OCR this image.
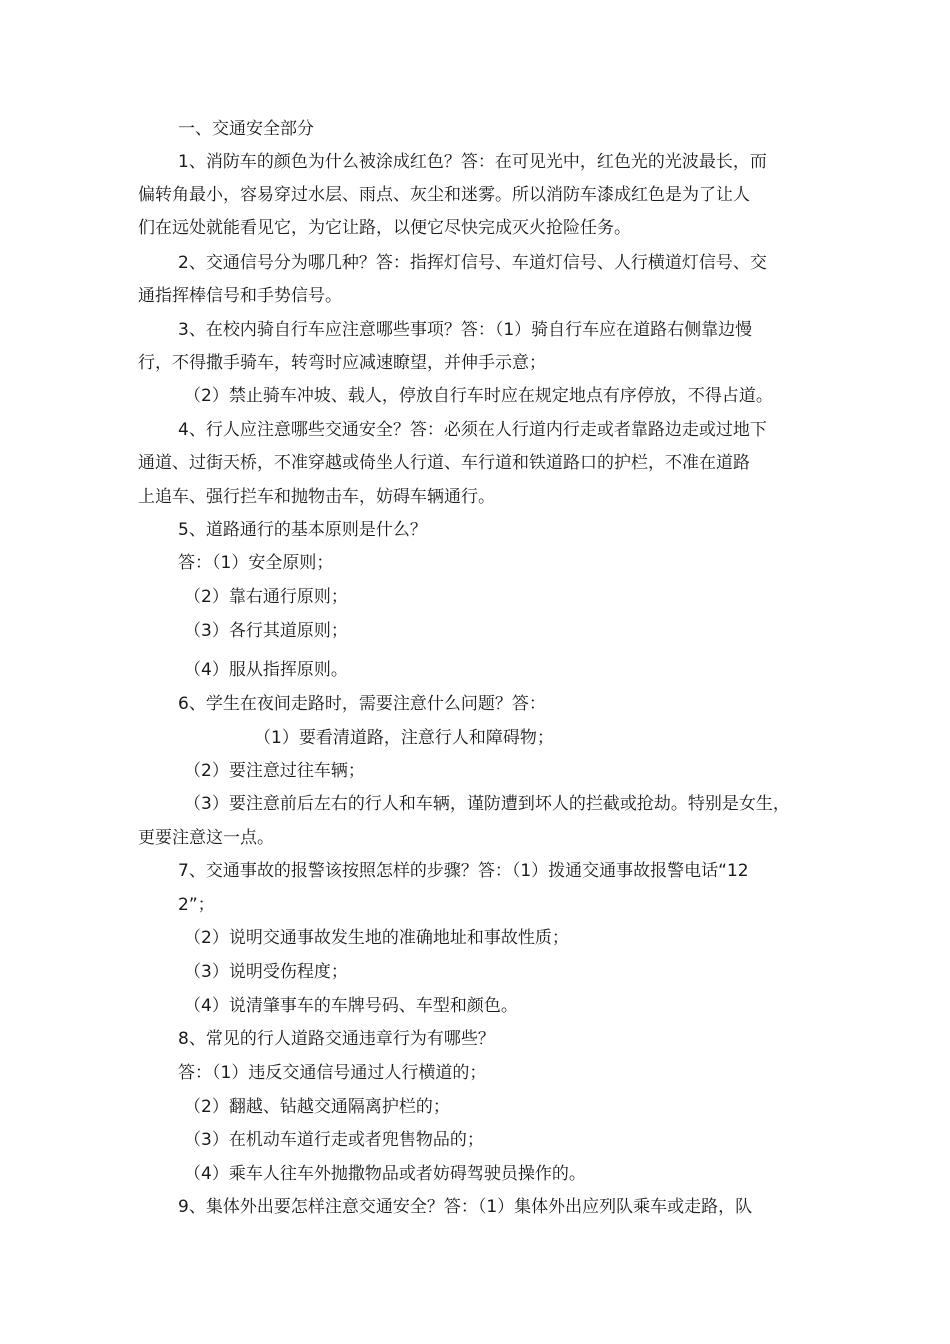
一、交通安全部分
1、消防车的颜色为什么被涂成红色？答：在可见光中，红色光的光波最长，而
偏转角最小，容易穿过水层、雨点、灰尘和迷雾。所以消防车漆成红色是为了让人
们在远处就能看见它，为它让路，以便它尽快完成灭火抢险任务。
2、交通信号分为哪几种？答：指挥灯信号、车道灯信号、人行横道灯信号、交
通指挥棒信号和手势信号。
3、在校内骑自行车应注意哪些事项？答：（1）骑自行车应在道路右侧靠边慢
行，不得撒手骑车，转弯时应减速瞭望，并伸手示意；
（2）禁止骑车冲坡、载人，停放自行车时应在规定地点有序停放，不得占道。
4、行人应注意哪些交通安全？答：必须在人行道内行走或者靠路边走或过地下
通道、过街天桥，不准穿越或倚坐人行道、车行道和铁道路口的护栏，不准在道路
上追车、强行拦车和抛物击车，妨碍车辆通行。
5、道路通行的基本原则是什么？
答：（1）安全原则；
（2）靠右通行原则；
（3）各行其道原则；
（4）服从指挥原则。
6、学生在夜间走路时，需要注意什么问题？答：
（1）要看清道路，注意行人和障碍物；
（2）要注意过往车辆；
（3）要注意前后左右的行人和车辆，谨防遭到坏人的拦截或抢劫。特别是女生，
更要注意这一点。
7、交通事故的报警该按照怎样的步骤？答：（1）拨通交通事故报警电话“12
2”；
（2）说明交通事故发生地的准确地址和事故性质；
（3）说明受伤程度；
（4）说清肇事车的车牌号码、车型和颜色。
8、常见的行人道路交通违章行为有哪些？
答：（1）违反交通信号通过人行横道的；
（2）翻越、钻越交通隔离护栏的；
（3）在机动车道行走或者兜售物品的；
（4）乘车人往车外抛撒物品或者妨碍驾驶员操作的。
9、集体外出要怎样注意交通安全？答：（1）集体外出应列队乘车或走路，队
